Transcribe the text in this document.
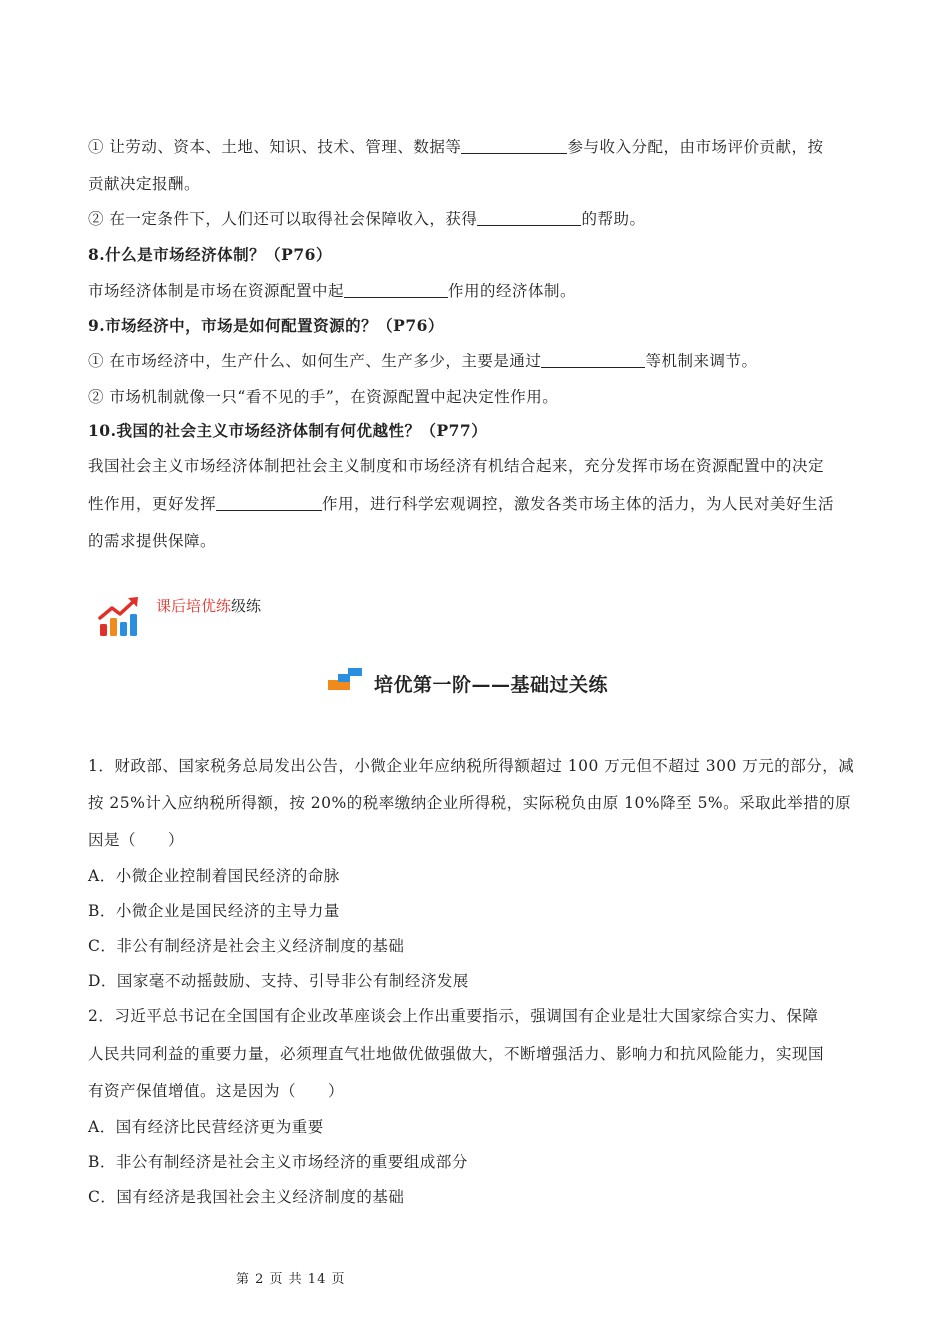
① 让劳动、资本、土地、知识、技术、管理、数据等	参与收入分配，由市场评价贡献，按
贡献决定报酬。
② 在一定条件下，人们还可以取得社会保障收入，获得	的帮助。
8.什么是市场经济体制？（P76）
市场经济体制是市场在资源配置中起	作用的经济体制。
9.市场经济中，市场是如何配置资源的？（P76）
① 在市场经济中，生产什么、如何生产、生产多少，主要是通过	等机制来调节。
② 市场机制就像一只“看不见的手”，在资源配置中起决定性作用。
10.我国的社会主义市场经济体制有何优越性？（P77）
我国社会主义市场经济体制把社会主义制度和市场经济有机结合起来，充分发挥市场在资源配置中的决定
性作用，更好发挥	作用，进行科学宏观调控，激发各类市场主体的活力，为人民对美好生活
的需求提供保障。
课后培优练级练
培优第一阶——基础过关练
1．财政部、国家税务总局发出公告，小微企业年应纳税所得额超过 100 万元但不超过 300 万元的部分，减
按 25%计入应纳税所得额，按 20%的税率缴纳企业所得税，实际税负由原 10%降至 5%。采取此举措的原
因是（　　）
A．小微企业控制着国民经济的命脉
B．小微企业是国民经济的主导力量
C．非公有制经济是社会主义经济制度的基础
D．国家毫不动摇鼓励、支持、引导非公有制经济发展
2．习近平总书记在全国国有企业改革座谈会上作出重要指示，强调国有企业是壮大国家综合实力、保障
人民共同利益的重要力量，必须理直气壮地做优做强做大，不断增强活力、影响力和抗风险能力，实现国
有资产保值增值。这是因为（　　）
A．国有经济比民营经济更为重要
B．非公有制经济是社会主义市场经济的重要组成部分
C．国有经济是我国社会主义经济制度的基础
第 2 页 共 14 页
